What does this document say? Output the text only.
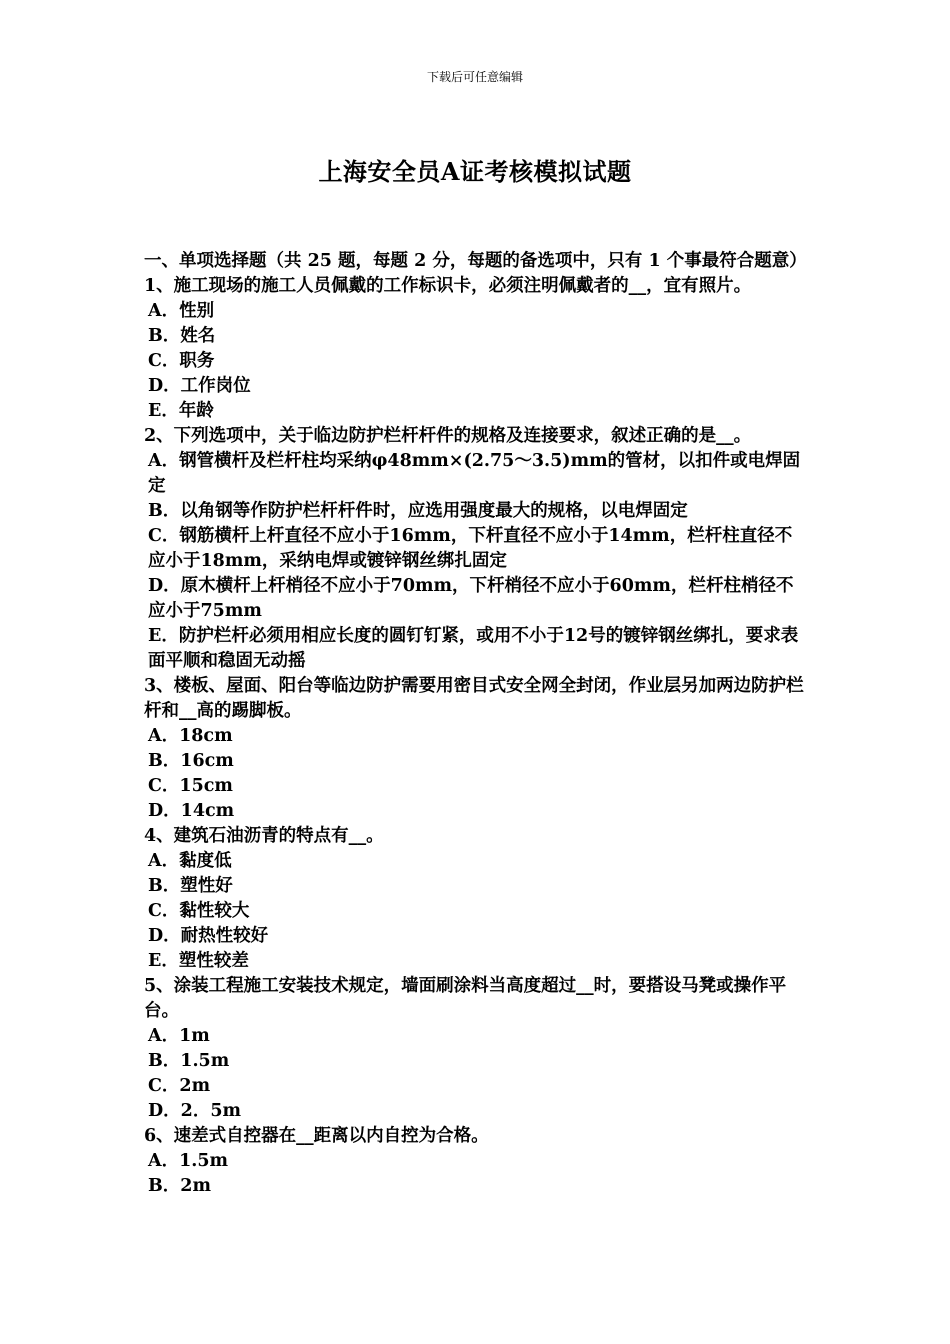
下载后可任意编辑
上海安全员A证考核模拟试题
一、单项选择题（共 25 题，每题 2 分，每题的备选项中，只有 1 个事最符合题意）
1、施工现场的施工人员佩戴的工作标识卡，必须注明佩戴者的__，宜有照片。
A．性别
B．姓名
C．职务
D．工作岗位
E．年龄
2、下列选项中，关于临边防护栏杆杆件的规格及连接要求，叙述正确的是__。
A．钢管横杆及栏杆柱均采纳φ48mm×(2.75～3.5)mm的管材，以扣件或电焊固定
B．以角钢等作防护栏杆杆件时，应选用强度最大的规格，以电焊固定
C．钢筋横杆上杆直径不应小于16mm，下杆直径不应小于14mm，栏杆柱直径不应小于18mm，采纳电焊或镀锌钢丝绑扎固定
D．原木横杆上杆梢径不应小于70mm，下杆梢径不应小于60mm，栏杆柱梢径不应小于75mm
E．防护栏杆必须用相应长度的圆钉钉紧，或用不小于12号的镀锌钢丝绑扎，要求表面平顺和稳固无动摇
3、楼板、屋面、阳台等临边防护需要用密目式安全网全封闭，作业层另加两边防护栏杆和__高的踢脚板。
A．18cm
B．16cm
C．15cm
D．14cm
4、建筑石油沥青的特点有__。
A．黏度低
B．塑性好
C．黏性较大
D．耐热性较好
E．塑性较差
5、涂装工程施工安装技术规定，墙面刷涂料当高度超过__时，要搭设马凳或操作平台。
A．1m
B．1.5m
C．2m
D．2．5m
6、速差式自控器在__距离以内自控为合格。
A．1.5m
B．2m
